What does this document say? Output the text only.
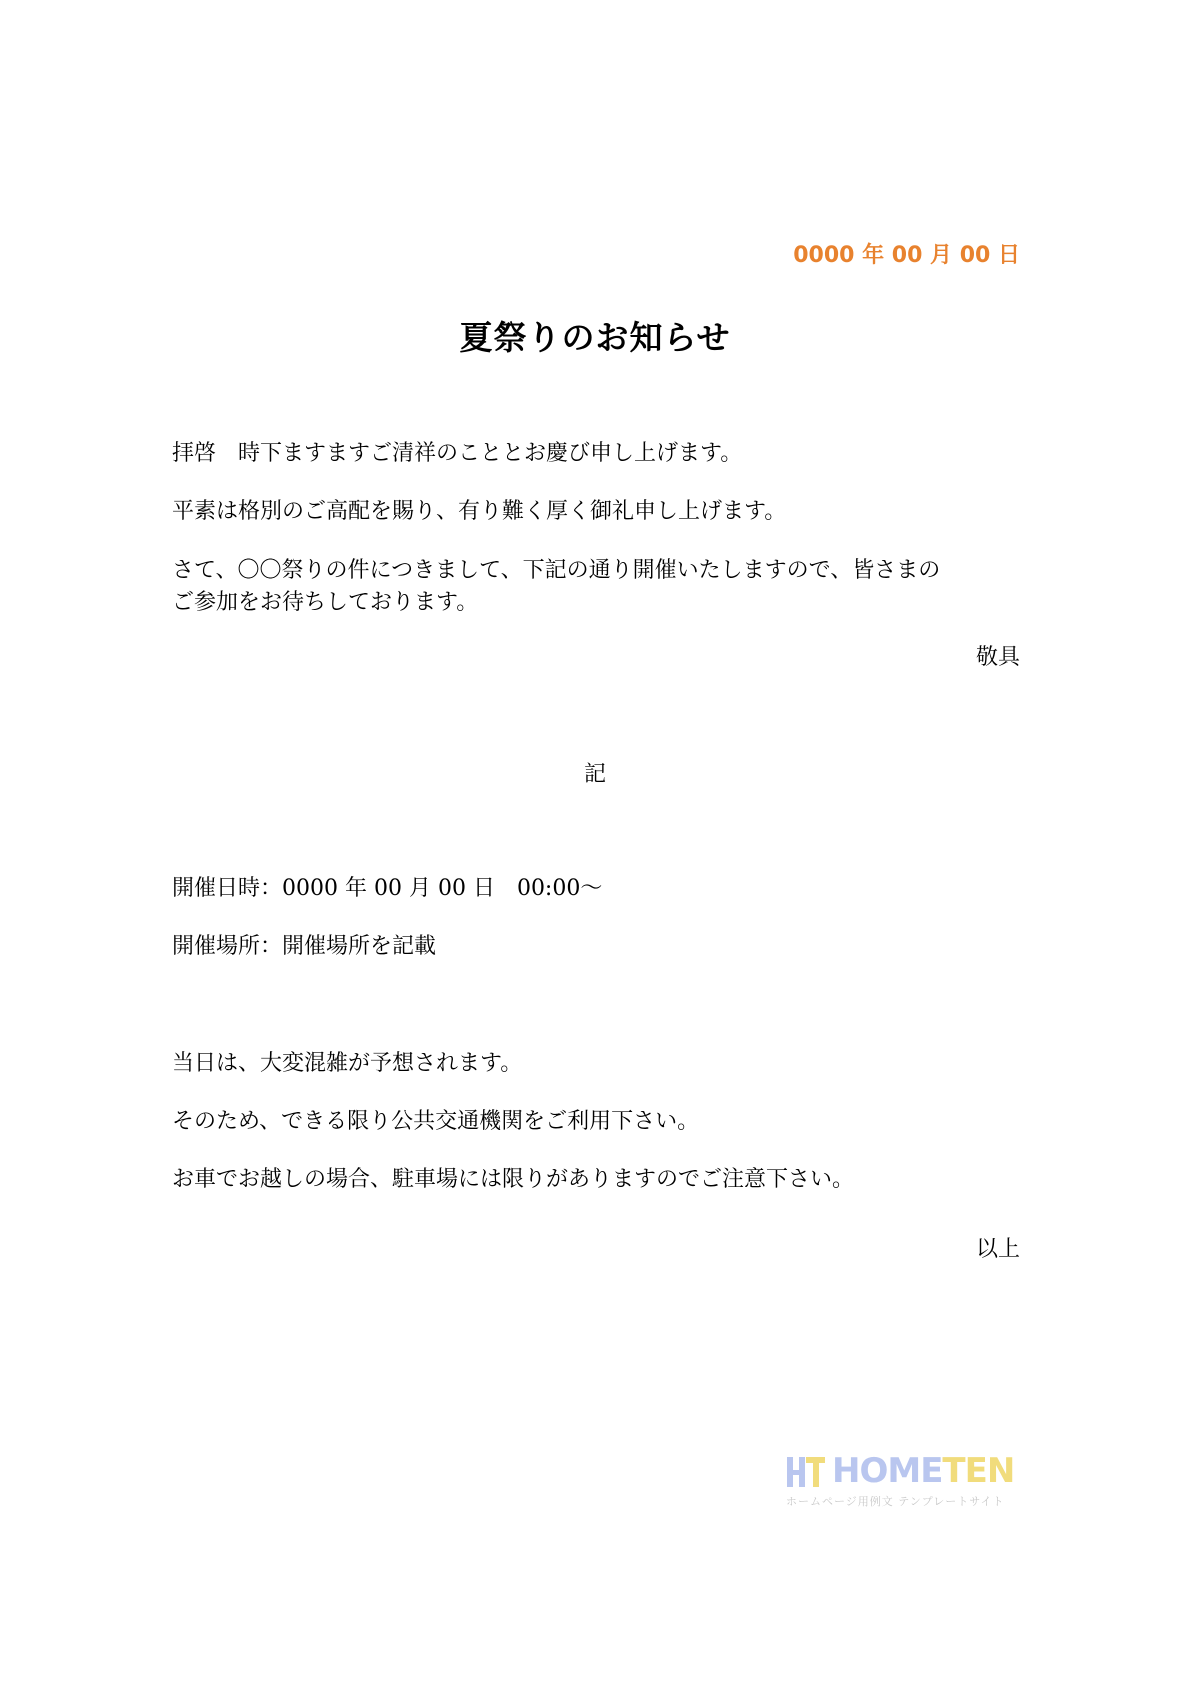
0000 年 00 月 00 日
夏祭りのお知らせ
拝啓　時下ますますご清祥のこととお慶び申し上げます。
平素は格別のご高配を賜り、有り難く厚く御礼申し上げます。
さて、〇〇祭りの件につきまして、下記の通り開催いたしますので、皆さまの
ご参加をお待ちしております。
敬具
記
開催日時：0000 年 00 月 00 日　00:00～
開催場所：開催場所を記載
当日は、大変混雑が予想されます。
そのため、できる限り公共交通機関をご利用下さい。
お車でお越しの場合、駐車場には限りがありますのでご注意下さい。
以上
HOMETEN
ホームページ用例文 テンプレートサイト
